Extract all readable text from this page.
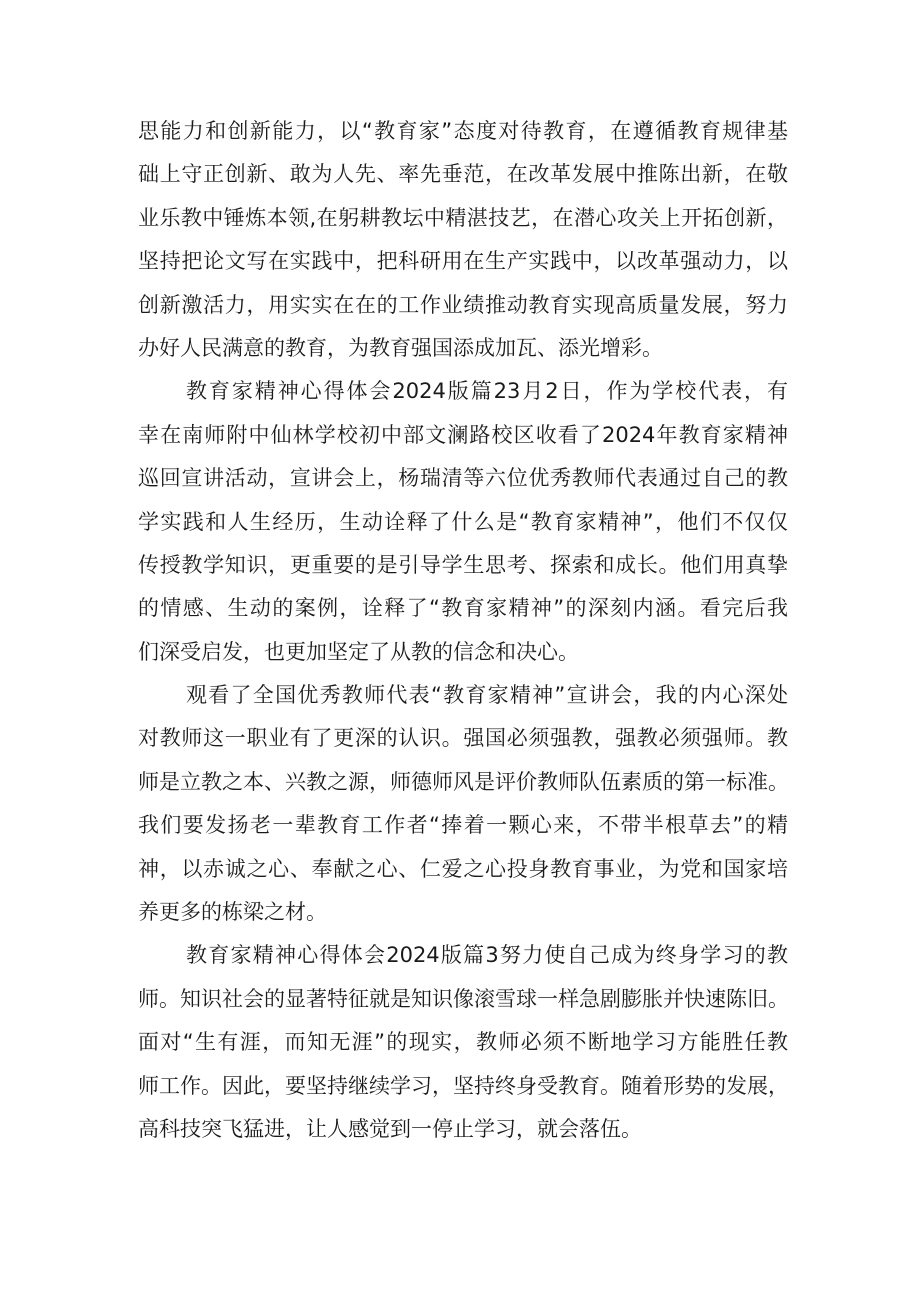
思能力和创新能力，以“教育家”态度对待教育，在遵循教育规律基
础上守正创新、敢为人先、率先垂范，在改革发展中推陈出新，在敬
业乐教中锤炼本领,在躬耕教坛中精湛技艺，在潜心攻关上开拓创新，
坚持把论文写在实践中，把科研用在生产实践中，以改革强动力，以
创新激活力，用实实在在的工作业绩推动教育实现高质量发展，努力
办好人民满意的教育，为教育强国添成加瓦、添光增彩。
教育家精神心得体会2024版篇23月2日，作为学校代表，有
幸在南师附中仙林学校初中部文澜路校区收看了2024年教育家精神
巡回宣讲活动，宣讲会上，杨瑞清等六位优秀教师代表通过自己的教
学实践和人生经历，生动诠释了什么是“教育家精神”，他们不仅仅
传授教学知识，更重要的是引导学生思考、探索和成长。他们用真挚
的情感、生动的案例，诠释了“教育家精神”的深刻内涵。看完后我
们深受启发，也更加坚定了从教的信念和决心。
观看了全国优秀教师代表“教育家精神”宣讲会，我的内心深处
对教师这一职业有了更深的认识。强国必须强教，强教必须强师。教
师是立教之本、兴教之源，师德师风是评价教师队伍素质的第一标准。
我们要发扬老一辈教育工作者“捧着一颗心来，不带半根草去”的精
神，以赤诚之心、奉献之心、仁爱之心投身教育事业，为党和国家培
养更多的栋梁之材。
教育家精神心得体会2024版篇3努力使自己成为终身学习的教
师。知识社会的显著特征就是知识像滚雪球一样急剧膨胀并快速陈旧。
面对“生有涯，而知无涯”的现实，教师必须不断地学习方能胜任教
师工作。因此，要坚持继续学习，坚持终身受教育。随着形势的发展，
高科技突飞猛进，让人感觉到一停止学习，就会落伍。
